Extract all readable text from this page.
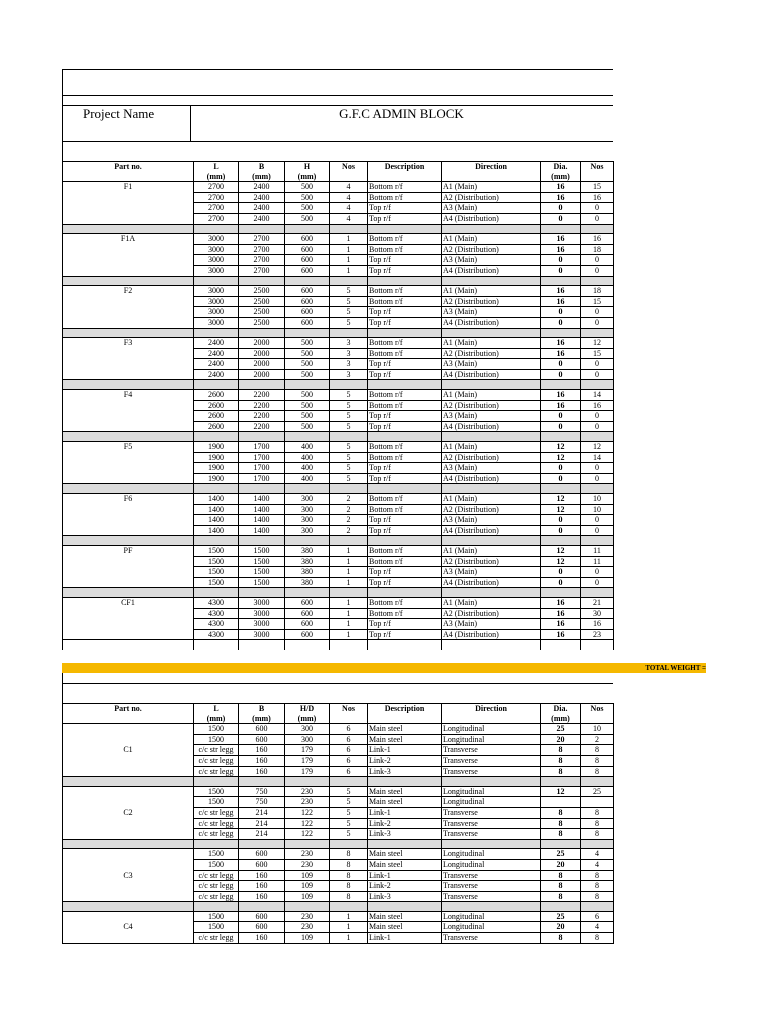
Project Name	G.F.C ADMIN BLOCK
Part no.	L	B	H	Nos	Description	Direction	Dia.	Nos
	(mm)	(mm)	(mm)				(mm)	
F1	2700	2400	500	4	Bottom r/f	A1 (Main)	16	15
	2700	2400	500	4	Bottom r/f	A2 (Distribution)	16	16
	2700	2400	500	4	Top r/f	A3 (Main)	0	0
	2700	2400	500	4	Top r/f	A4 (Distribution)	0	0

F1A	3000	2700	600	1	Bottom r/f	A1 (Main)	16	16
	3000	2700	600	1	Bottom r/f	A2 (Distribution)	16	18
	3000	2700	600	1	Top r/f	A3 (Main)	0	0
	3000	2700	600	1	Top r/f	A4 (Distribution)	0	0

F2	3000	2500	600	5	Bottom r/f	A1 (Main)	16	18
	3000	2500	600	5	Bottom r/f	A2 (Distribution)	16	15
	3000	2500	600	5	Top r/f	A3 (Main)	0	0
	3000	2500	600	5	Top r/f	A4 (Distribution)	0	0

F3	2400	2000	500	3	Bottom r/f	A1 (Main)	16	12
	2400	2000	500	3	Bottom r/f	A2 (Distribution)	16	15
	2400	2000	500	3	Top r/f	A3 (Main)	0	0
	2400	2000	500	3	Top r/f	A4 (Distribution)	0	0

F4	2600	2200	500	5	Bottom r/f	A1 (Main)	16	14
	2600	2200	500	5	Bottom r/f	A2 (Distribution)	16	16
	2600	2200	500	5	Top r/f	A3 (Main)	0	0
	2600	2200	500	5	Top r/f	A4 (Distribution)	0	0

F5	1900	1700	400	5	Bottom r/f	A1 (Main)	12	12
	1900	1700	400	5	Bottom r/f	A2 (Distribution)	12	14
	1900	1700	400	5	Top r/f	A3 (Main)	0	0
	1900	1700	400	5	Top r/f	A4 (Distribution)	0	0

F6	1400	1400	300	2	Bottom r/f	A1 (Main)	12	10
	1400	1400	300	2	Bottom r/f	A2 (Distribution)	12	10
	1400	1400	300	2	Top r/f	A3 (Main)	0	0
	1400	1400	300	2	Top r/f	A4 (Distribution)	0	0

PF	1500	1500	380	1	Bottom r/f	A1 (Main)	12	11
	1500	1500	380	1	Bottom r/f	A2 (Distribution)	12	11
	1500	1500	380	1	Top r/f	A3 (Main)	0	0
	1500	1500	380	1	Top r/f	A4 (Distribution)	0	0

CF1	4300	3000	600	1	Bottom r/f	A1 (Main)	16	21
	4300	3000	600	1	Bottom r/f	A2 (Distribution)	16	30
	4300	3000	600	1	Top r/f	A3 (Main)	16	16
	4300	3000	600	1	Top r/f	A4 (Distribution)	16	23

TOTAL WEIGHT =
Part no.	L	B	H/D	Nos	Description	Direction	Dia.	Nos
	(mm)	(mm)	(mm)				(mm)	
C1	1500	600	300	6	Main steel	Longitudinal	25	10
	1500	600	300	6	Main steel	Longitudinal	20	2
	c/c str legg	160	179	6	Link-1	Transverse	8	8
	c/c str legg	160	179	6	Link-2	Transverse	8	8
	c/c str legg	160	179	6	Link-3	Transverse	8	8

C2	1500	750	230	5	Main steel	Longitudinal	12	25
	1500	750	230	5	Main steel	Longitudinal		
	c/c str legg	214	122	5	Link-1	Transverse	8	8
	c/c str legg	214	122	5	Link-2	Transverse	8	8
	c/c str legg	214	122	5	Link-3	Transverse	8	8

C3	1500	600	230	8	Main steel	Longitudinal	25	4
	1500	600	230	8	Main steel	Longitudinal	20	4
	c/c str legg	160	109	8	Link-1	Transverse	8	8
	c/c str legg	160	109	8	Link-2	Transverse	8	8
	c/c str legg	160	109	8	Link-3	Transverse	8	8

C4	1500	600	230	1	Main steel	Longitudinal	25	6
	1500	600	230	1	Main steel	Longitudinal	20	4
	c/c str legg	160	109	1	Link-1	Transverse	8	8
